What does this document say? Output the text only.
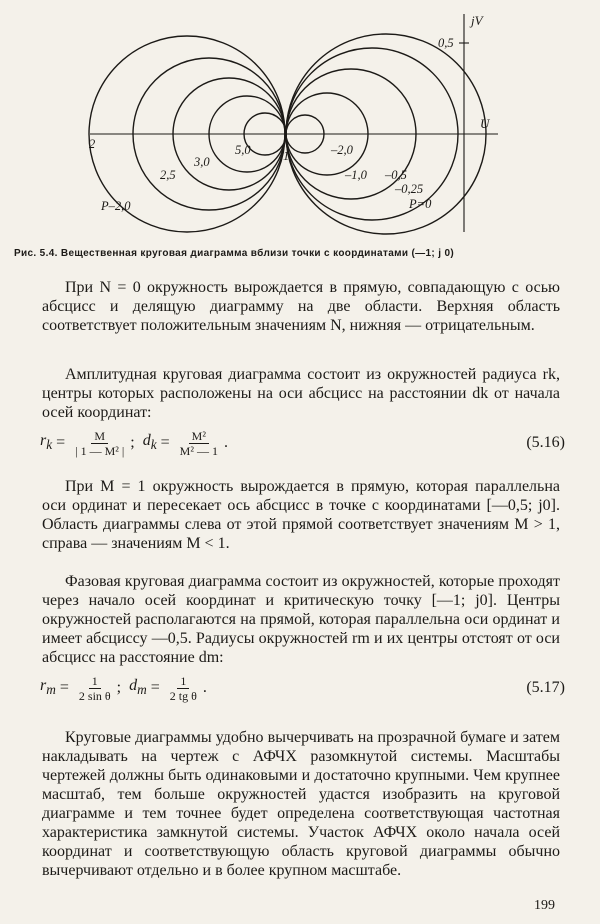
jV
U
0,5
P–2,0
2,5
3,0
5,0	1	–2,0
–1,0 –0,5
–0,25
P=0
2
Рис. 5.4. Вещественная круговая диаграмма вблизи точки с координатами (—1; j 0)

При N = 0 окружность вырождается в прямую, совпадающую с осью абсцисс и делящую диаграмму на две области. Верхняя область соответствует положительным значениям N, нижняя — отрицательным.

Амплитудная круговая диаграмма состоит из окружностей радиуса rk, центры которых расположены на оси абсцисс на расстоянии dk от начала осей координат:

$r_k = \frac{M}{\text{| 1 — M² |}}$ ; $d_k = \frac{\text{M²}}{\text{M² — 1}}$ .	(5.16)

При M = 1 окружность вырождается в прямую, которая параллельна оси ординат и пересекает ось абсцисс в точке с координатами [—0,5; j0]. Область диаграммы слева от этой прямой соответствует значениям M > 1, справа — значениям M < 1.

Фазовая круговая диаграмма состоит из окружностей, которые проходят через начало осей координат и критическую точку [—1; j0]. Центры окружностей располагаются на прямой, которая параллельна оси ординат и имеет абсциссу —0,5. Радиусы окружностей rm и их центры отстоят от оси абсцисс на расстояние dm:

$r_m = \frac{1}{\text{2 sin θ}}$ ; $d_m = \frac{1}{\text{2 tg θ}}$ .	(5.17)

Круговые диаграммы удобно вычерчивать на прозрачной бумаге и затем накладывать на чертеж с АФЧХ разомкнутой системы. Масштабы чертежей должны быть одинаковыми и достаточно крупными. Чем крупнее масштаб, тем больше окружностей удастся изобразить на круговой диаграмме и тем точнее будет определена соответствующая частотная характеристика замкнутой системы. Участок АФЧХ около начала осей координат и соответствующую область круговой диаграммы обычно вычерчивают отдельно и в более крупном масштабе.

199
